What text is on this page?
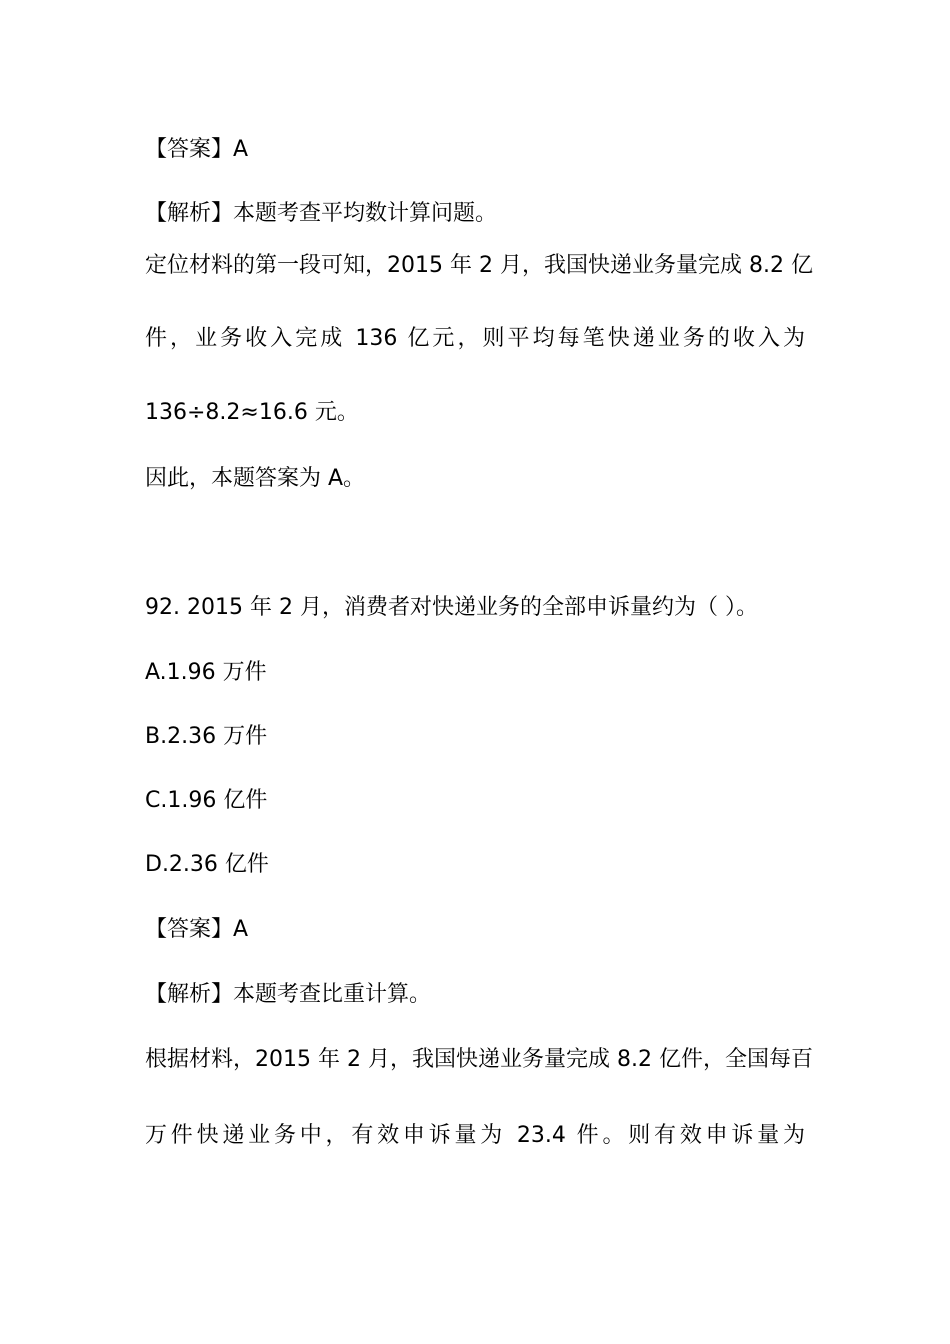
【答案】A

【解析】本题考查平均数计算问题。

定位材料的第一段可知，2015 年 2 月，我国快递业务量完成 8.2 亿

件，业务收入完成 136 亿元，则平均每笔快递业务的收入为

136÷8.2≈16.6 元。

因此，本题答案为 A。

92. 2015 年 2 月，消费者对快递业务的全部申诉量约为（ ）。

A.1.96 万件

B.2.36 万件

C.1.96 亿件

D.2.36 亿件

【答案】A

【解析】本题考查比重计算。

根据材料，2015 年 2 月，我国快递业务量完成 8.2 亿件，全国每百

万件快递业务中，有效申诉量为 23.4 件。则有效申诉量为
